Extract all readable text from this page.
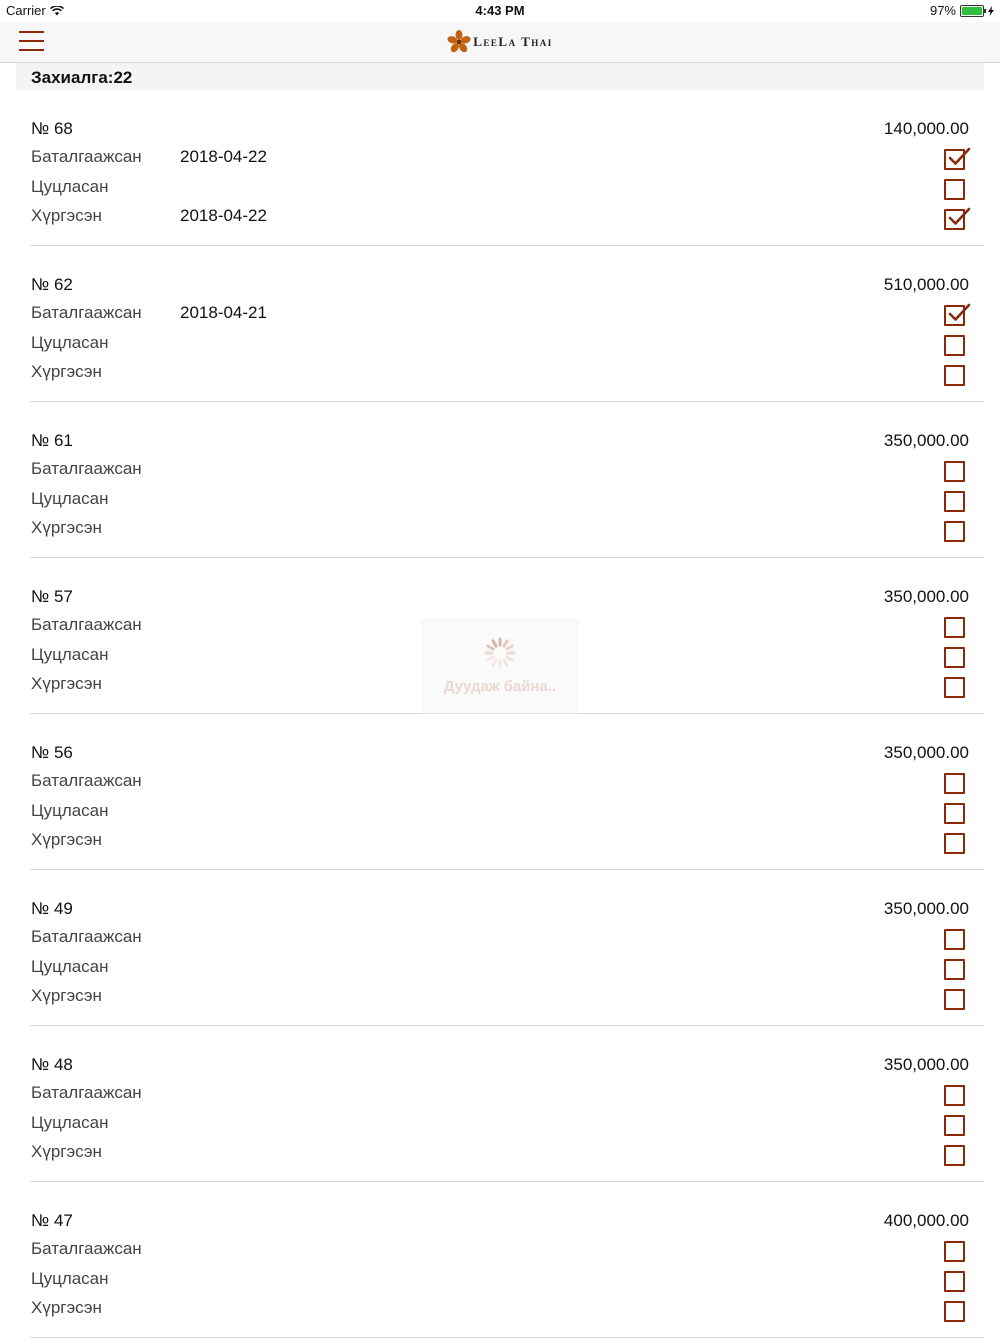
Carrier	4:43 PM	97%
LeeLa Thai
Захиалга:22
№ 68	140,000.00
Баталгаажсан 2018-04-22
Цуцласан
Хүргэсэн	2018-04-22
№ 62	510,000.00
Баталгаажсан 2018-04-21
Цуцласан
Хүргэсэн
№ 61	350,000.00
Баталгаажсан
Цуцласан
Хүргэсэн
№ 57	350,000.00
Баталгаажсан
Цуцласан
Хүргэсэн
№ 56	350,000.00
Баталгаажсан
Цуцласан
Хүргэсэн
№ 49	350,000.00
Баталгаажсан
Цуцласан
Хүргэсэн
№ 48	350,000.00
Баталгаажсан
Цуцласан
Хүргэсэн
№ 47	400,000.00
Баталгаажсан
Цуцласан
Хүргэсэн
Дуудаж байна..
